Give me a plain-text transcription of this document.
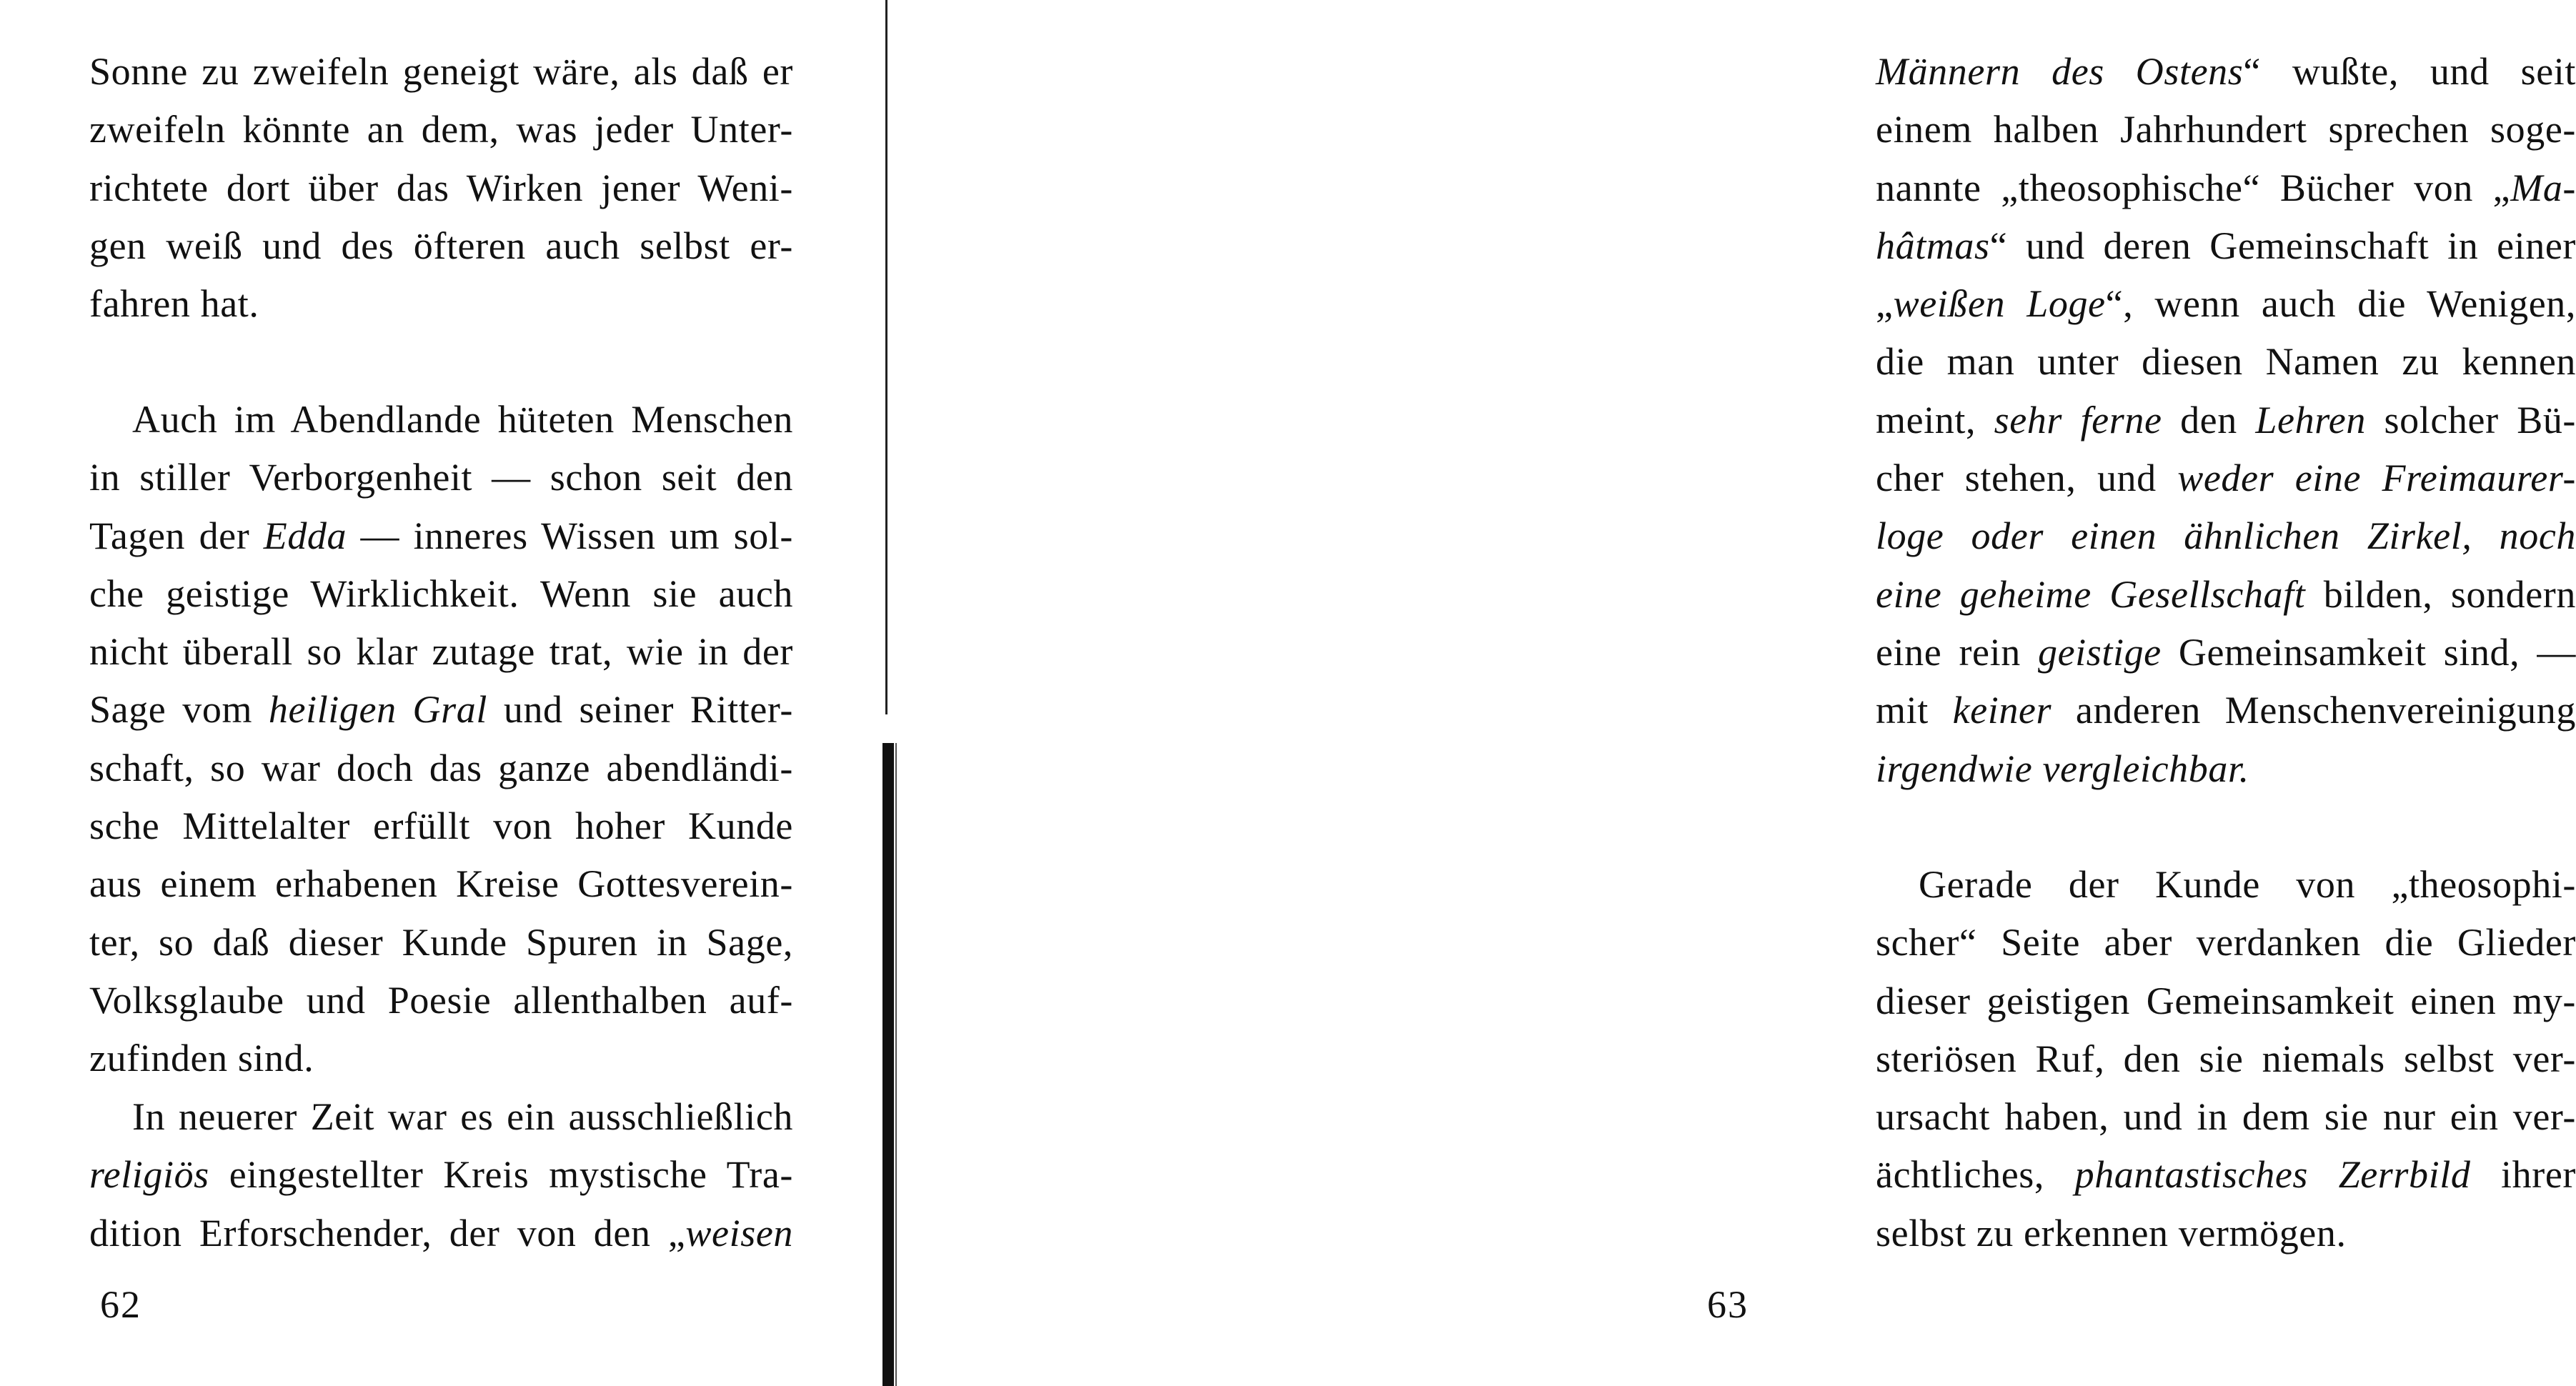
Sonne zu zweifeln geneigt wäre, als daß er
zweifeln könnte an dem, was jeder Unter-
richtete dort über das Wirken jener Weni-
gen weiß und des öfteren auch selbst er-
fahren hat.
Auch im Abendlande hüteten Menschen
in stiller Verborgenheit — schon seit den
Tagen der Edda — inneres Wissen um sol-
che geistige Wirklichkeit. Wenn sie auch
nicht überall so klar zutage trat, wie in der
Sage vom heiligen Gral und seiner Ritter-
schaft, so war doch das ganze abendländi-
sche Mittelalter erfüllt von hoher Kunde
aus einem erhabenen Kreise Gottesverein-
ter, so daß dieser Kunde Spuren in Sage,
Volksglaube und Poesie allenthalben auf-
zufinden sind.
In neuerer Zeit war es ein ausschließlich
religiös eingestellter Kreis mystische Tra-
dition Erforschender, der von den „weisen
62
Männern des Ostens“ wußte, und seit
einem halben Jahrhundert sprechen soge-
nannte „theosophische“ Bücher von „Ma-
hâtmas“ und deren Gemeinschaft in einer
„weißen Loge“, wenn auch die Wenigen,
die man unter diesen Namen zu kennen
meint, sehr ferne den Lehren solcher Bü-
cher stehen, und weder eine Freimaurer-
loge oder einen ähnlichen Zirkel, noch
eine geheime Gesellschaft bilden, sondern
eine rein geistige Gemeinsamkeit sind, —
mit keiner anderen Menschenvereinigung
irgendwie vergleichbar.
Gerade der Kunde von „theosophi-
scher“ Seite aber verdanken die Glieder
dieser geistigen Gemeinsamkeit einen my-
steriösen Ruf, den sie niemals selbst ver-
ursacht haben, und in dem sie nur ein ver-
ächtliches, phantastisches Zerrbild ihrer
selbst zu erkennen vermögen.
63
